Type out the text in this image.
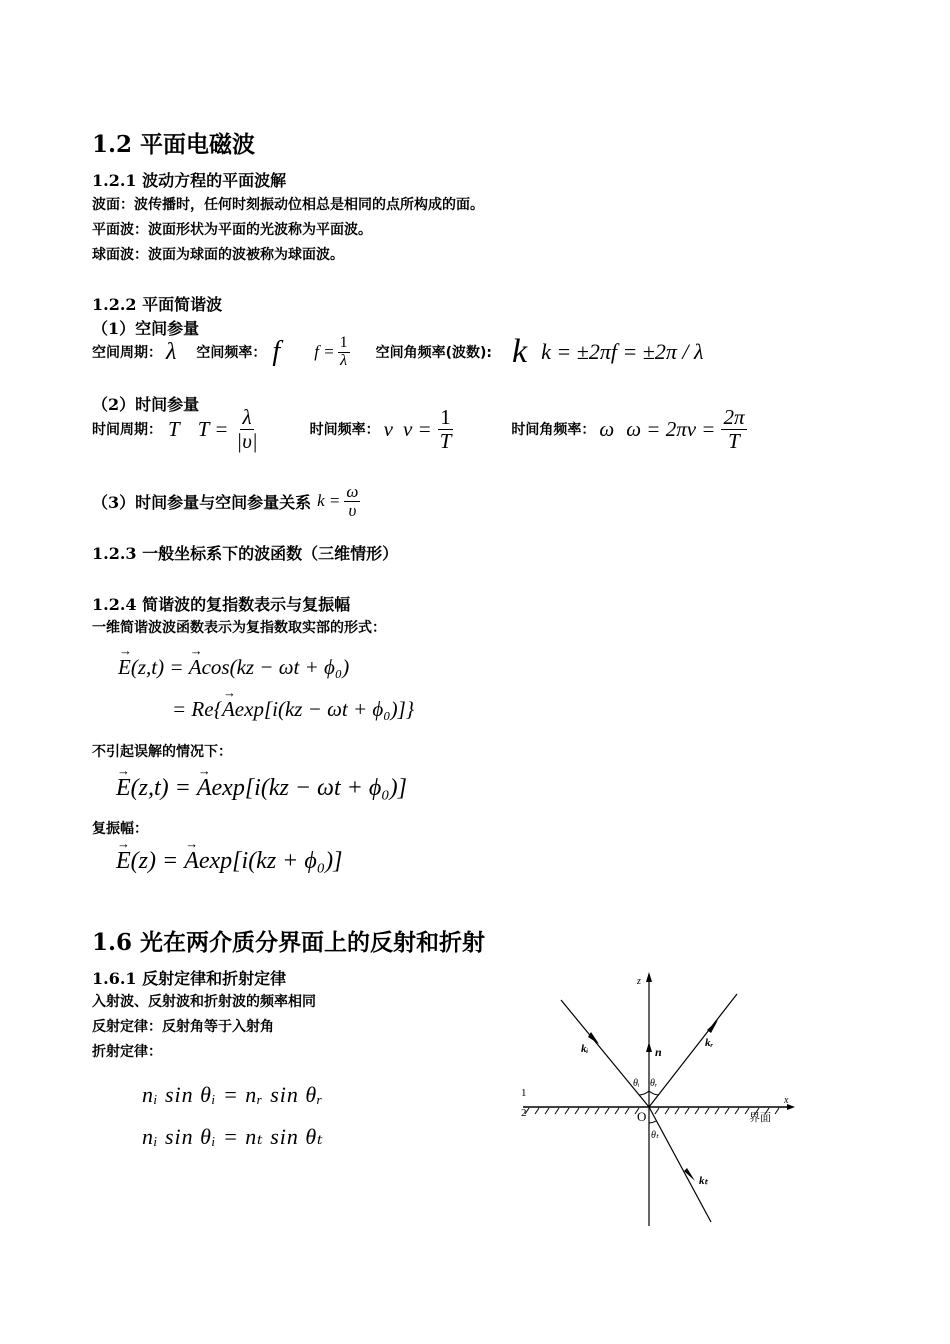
1.2 平面电磁波
1.2.1 波动方程的平面波解
波面：波传播时，任何时刻振动位相总是相同的点所构成的面。
平面波：波面形状为平面的光波称为平面波。
球面波：波面为球面的波被称为球面波。
1.2.2 平面简谐波
（1）空间参量
空间周期： λ 空间频率： f $f = \frac{1}{\lambda}$ 空间角频率(波数): k k = ±2πf = ±2π / λ
（2）时间参量
时间周期： T $T = \frac{\lambda}{|\upsilon|}$	时间频率： ν $\nu = \frac{1}{T}$	时间角频率： ω $\omega = 2\pi\nu = \frac{2\pi}{T}$
（3）时间参量与空间参量关系 $k = \frac{\omega}{\upsilon}$
1.2.3 一般坐标系下的波函数（三维情形）
1.2.4 简谐波的复指数表示与复振幅
一维简谐波波函数表示为复指数取实部的形式：
→ E(z,t) = → Acos(kz − ωt + ϕ₀)
= Re{→ Aexp[i(kz − ωt + ϕ₀)]}
不引起误解的情况下：
→ E(z,t) = → Aexp[i(kz − ωt + ϕ₀)]
复振幅：
→ E(z) = → Aexp[i(kz + ϕ₀)]
1.6 光在两介质分界面上的反射和折射
1.6.1 反射定律和折射定律
入射波、反射波和折射波的频率相同
反射定律：反射角等于入射角
折射定律：
nᵢ sin θᵢ = nᵣ sin θᵣ
nᵢ sin θᵢ = nₜ sin θₜ
z
x
O
n
kᵢ	kᵣ
kₜ
θᵢ θᵣ
θₜ
1
2	界面
